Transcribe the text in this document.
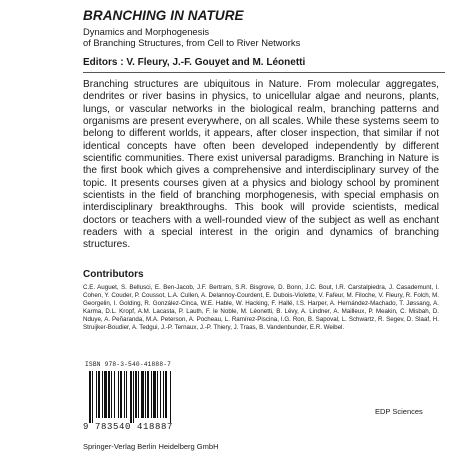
BRANCHING IN NATURE
Dynamics and Morphogenesis
of Branching Structures, from Cell to River Networks
Editors : V. Fleury, J.-F. Gouyet and M. Léonetti

Branching structures are ubiquitous in Nature. From molecular aggregates, dendrites or river basins in physics, to unicellular algae and neurons, plants, lungs, or vascular networks in the biological realm, branching patterns and organisms are present everywhere, on all scales. While these systems seem to belong to different worlds, it appears, after closer inspection, that similar if not identical concepts have often been developed independently by different scientific communities. There exist universal paradigms. Branching in Nature is the first book which gives a comprehensive and interdisciplinary survey of the topic. It presents courses given at a physics and biology school by prominent scientists in the field of branching morphogenesis, with special emphasis on interdisciplinary breakthroughs. This book will provide scientists, medical doctors or teachers with a well-rounded view of the subject as well as enchant readers with a special interest in the origin and dynamics of branching structures.

Contributors
C.E. Auguet, S. Bellusci, E. Ben-Jacob, J.F. Bertram, S.R. Bisgrove, D. Bonn, J.C. Bout, I.R. Carstalpiedra, J. Casademunt, I. Cohen, Y. Couder, P. Coussot, L.A. Cullen, A. Delannoy-Courdent, E. Dubois-Violette, V. Fafeur, M. Filoche, V. Fleury, R. Folch, M. Georgelin, I. Golding, R. González-Cinca, W.E. Hable, W. Hacking, F. Hallé, I.S. Harper, A. Hernández-Machado, T. Jøssang, A. Karma, D.L. Kropf, A.M. Lacasta, P. Lauth, F. le Noble, M. Léonetti, B. Lévy, A. Lindner, A. Mailleux, P. Meakin, C. Misbah, D. Nduye, A. Peñaranda, M.A. Peterson, A. Pocheau, L. Ramírez-Piscina, I.G. Ron, B. Sapoval, L. Schwartz, R. Segev, D. Slaaf, H. Struijker-Boudier, A. Tedgui, J.-P. Ternaux, J.-P. Thiery, J. Traas, B. Vandenbunder, E.R. Weibel.
ISBN 978-3-540-41888-7
9 783540 418887
EDP Sciences
Springer-Verlag Berlin Heidelberg GmbH
